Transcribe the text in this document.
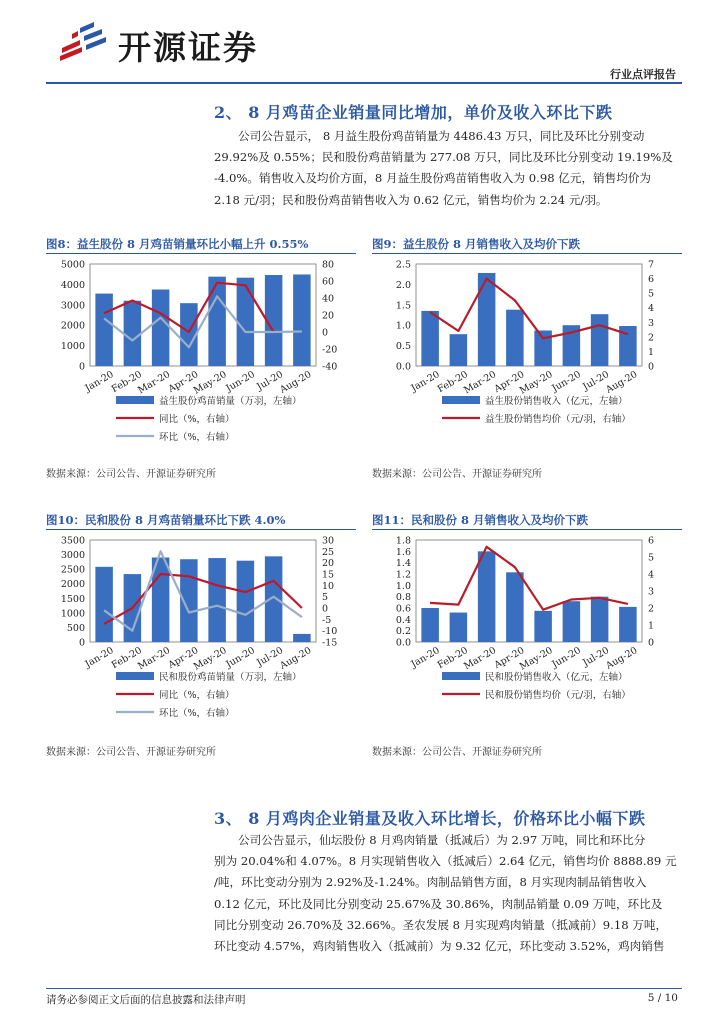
开源证券
行业点评报告
2、 8 月鸡苗企业销量同比增加，单价及收入环比下跌
公司公告显示， 8 月益生股份鸡苗销量为 4486.43 万只，同比及环比分别变动
29.92%及 0.55%；民和股份鸡苗销量为 277.08 万只，同比及环比分别变动 19.19%及
-4.0%。销售收入及均价方面，8 月益生股份鸡苗销售收入为 0.98 亿元，销售均价为
2.18 元/羽；民和股份鸡苗销售收入为 0.62 亿元，销售均价为 2.24 元/羽。
图8：益生股份 8 月鸡苗销量环比小幅上升 0.55%
0
1000
2000
3000
4000
5000
-40
-20
0
20
40
60
80
Jan-20
Feb-20
Mar-20
Apr-20
May-20
Jun-20
Jul-20
Aug-20
益生股份鸡苗销量（万羽，左轴）
同比（%，右轴）
环比（%，右轴）
数据来源：公司公告、开源证券研究所
图9：益生股份 8 月销售收入及均价下跌
0.0
0.5
1.0
1.5
2.0
2.5
0
1
2
3
4
5
6
7
Jan-20
Feb-20
Mar-20
Apr-20
May-20
Jun-20
Jul-20
Aug-20
益生股份销售收入（亿元，左轴）
益生股份销售均价（元/羽，右轴）
数据来源：公司公告、开源证券研究所
图10：民和股份 8 月鸡苗销量环比下跌 4.0%
0
500
1000
1500
2000
2500
3000
3500
-15
-10
-5
0
5
10
15
20
25
30
Jan-20
Feb-20
Mar-20
Apr-20
May-20
Jun-20
Jul-20
Aug-20
民和股份鸡苗销量（万羽，左轴）
同比（%，右轴）
环比（%，右轴）
数据来源：公司公告、开源证券研究所
图11：民和股份 8 月销售收入及均价下跌
0.0
0.2
0.4
0.6
0.8
1.0
1.2
1.4
1.6
1.8
0
1
2
3
4
5
6
Jan-20
Feb-20
Mar-20
Apr-20
May-20
Jun-20
Jul-20
Aug-20
民和股份销售收入（亿元，左轴）
民和股份销售均价（元/羽，右轴）
数据来源：公司公告、开源证券研究所
3、 8 月鸡肉企业销量及收入环比增长，价格环比小幅下跌
公司公告显示，仙坛股份 8 月鸡肉销量（抵减后）为 2.97 万吨，同比和环比分
别为 20.04%和 4.07%。8 月实现销售收入（抵减后）2.64 亿元，销售均价 8888.89 元
/吨，环比变动分别为 2.92%及-1.24%。肉制品销售方面，8 月实现肉制品销售收入
0.12 亿元，环比及同比分别变动 25.67%及 30.86%，肉制品销量 0.09 万吨，环比及
同比分别变动 26.70%及 32.66%。圣农发展 8 月实现鸡肉销量（抵减前）9.18 万吨，
环比变动 4.57%，鸡肉销售收入（抵减前）为 9.32 亿元，环比变动 3.52%，鸡肉销售
请务必参阅正文后面的信息披露和法律声明	5 / 10
